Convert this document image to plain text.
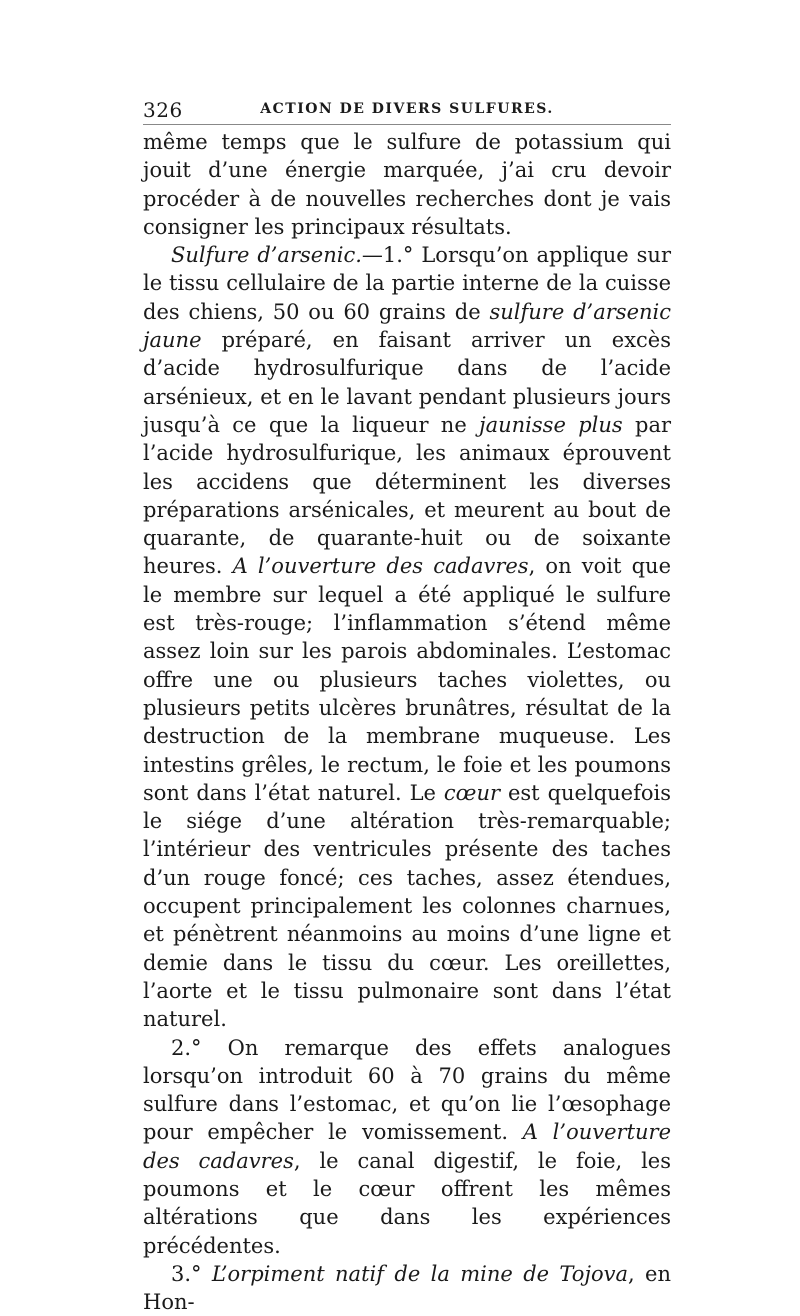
326	ACTION DE DIVERS SULFURES.

même temps que le sulfure de potassium qui jouit d’une énergie marquée, j’ai cru devoir procéder à de nouvelles recherches dont je vais consigner les principaux résultats.

Sulfure d’arsenic.—1.° Lorsqu’on applique sur le tissu cellulaire de la partie interne de la cuisse des chiens, 50 ou 60 grains de sulfure d’arsenic jaune préparé, en faisant arriver un excès d’acide hydrosulfurique dans de l’acide arsénieux, et en le lavant pendant plusieurs jours jusqu’à ce que la liqueur ne jaunisse plus par l’acide hydrosulfurique, les animaux éprouvent les accidens que déterminent les diverses préparations arsénicales, et meurent au bout de quarante, de quarante-huit ou de soixante heures. A l’ouverture des cadavres, on voit que le membre sur lequel a été appliqué le sulfure est très-rouge; l’inflammation s’étend même assez loin sur les parois abdominales. L’estomac offre une ou plusieurs taches violettes, ou plusieurs petits ulcères brunâtres, résultat de la destruction de la membrane muqueuse. Les intestins grêles, le rectum, le foie et les poumons sont dans l’état naturel. Le cœur est quelquefois le siége d’une altération très-remarquable; l’intérieur des ventricules présente des taches d’un rouge foncé; ces taches, assez étendues, occupent principalement les colonnes charnues, et pénètrent néanmoins au moins d’une ligne et demie dans le tissu du cœur. Les oreillettes, l’aorte et le tissu pulmonaire sont dans l’état naturel.

2.° On remarque des effets analogues lorsqu’on introduit 60 à 70 grains du même sulfure dans l’estomac, et qu’on lie l’œsophage pour empêcher le vomissement. A l’ouverture des cadavres, le canal digestif, le foie, les poumons et le cœur offrent les mêmes altérations que dans les expériences précédentes.

3.° L’orpiment natif de la mine de Tojova, en Hon-
